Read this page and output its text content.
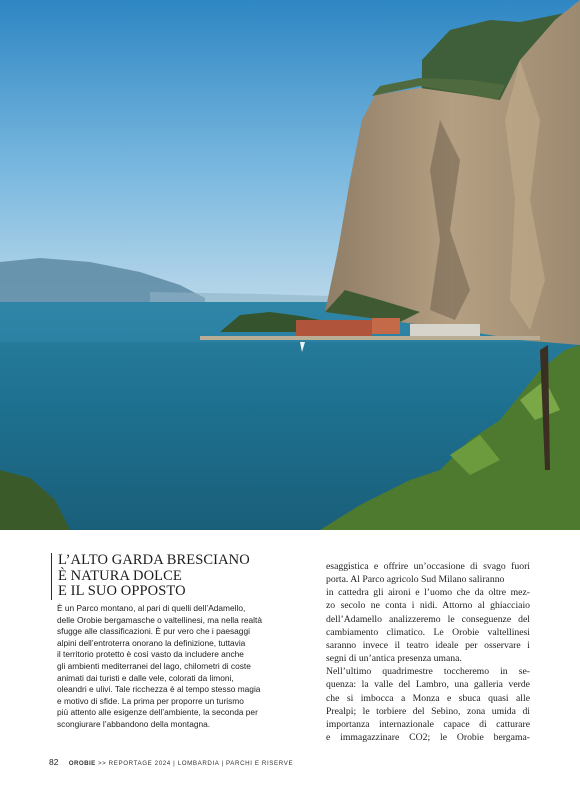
L’ALTO GARDA BRESCIANO
È NATURA DOLCE
E IL SUO OPPOSTO
È un Parco montano, al pari di quelli dell’Adamello,
delle Orobie bergamasche o valtellinesi, ma nella realtà
sfugge alle classificazioni. È pur vero che i paesaggi
alpini dell’entroterra onorano la definizione, tuttavia
il territorio protetto è così vasto da includere anche
gli ambienti mediterranei del lago, chilometri di coste
animati dai turisti e dalle vele, colorati da limoni,
oleandri e ulivi. Tale ricchezza è al tempo stesso magia
e motivo di sfide. La prima per proporre un turismo
più attento alle esigenze dell’ambiente, la seconda per
scongiurare l’abbandono della montagna.
esaggistica e offrire un’occasione di svago fuori
porta. Al Parco agricolo Sud Milano saliranno
in cattedra gli aironi e l’uomo che da oltre mez-
zo secolo ne conta i nidi. Attorno al ghiacciaio
dell’Adamello analizzeremo le conseguenze del
cambiamento climatico. Le Orobie valtellinesi
saranno invece il teatro ideale per osservare i
segni di un’antica presenza umana.
Nell’ultimo quadrimestre toccheremo in se-
quenza: la valle del Lambro, una galleria verde
che si imbocca a Monza e sbuca quasi alle
Prealpi; le torbiere del Sebino, zona umida di
importanza internazionale capace di catturare
e immagazzinare CO2; le Orobie bergama-
82 OROBIE >> REPORTAGE 2024 | LOMBARDIA | PARCHI E RISERVE
